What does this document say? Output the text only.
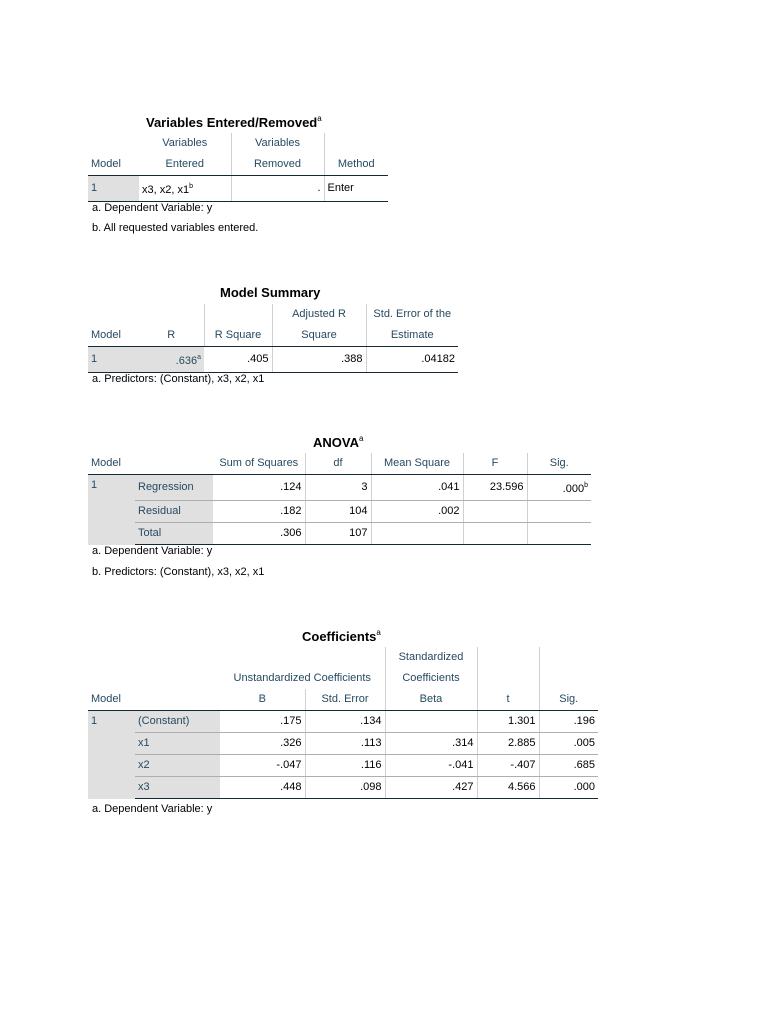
Variables Entered/Removed$^a$
	Variables	Variables	
Model	Entered	Removed	Method
1	x3, x2, x1$^b$	.	Enter
a. Dependent Variable: y
b. All requested variables entered.
Model Summary
			Adjusted R	Std. Error of the
Model	R	R Square	Square	Estimate
1	.636$^a$	.405	.388	.04182
a. Predictors: (Constant), x3, x2, x1
ANOVA$^a$
Model		Sum of Squares	df	Mean Square	F	Sig.
1	Regression	.124	3	.041	23.596	.000$^b$
	Residual	.182	104	.002		
	Total	.306	107			
a. Dependent Variable: y
b. Predictors: (Constant), x3, x2, x1
Coefficients$^a$
				Standardized		
		Unstandardized Coefficients		Coefficients		
Model		B	Std. Error	Beta	t	Sig.
1	(Constant)	.175	.134		1.301	.196
	x1	.326	.113	.314	2.885	.005
	x2	-.047	.116	-.041	-.407	.685
	x3	.448	.098	.427	4.566	.000
a. Dependent Variable: y
